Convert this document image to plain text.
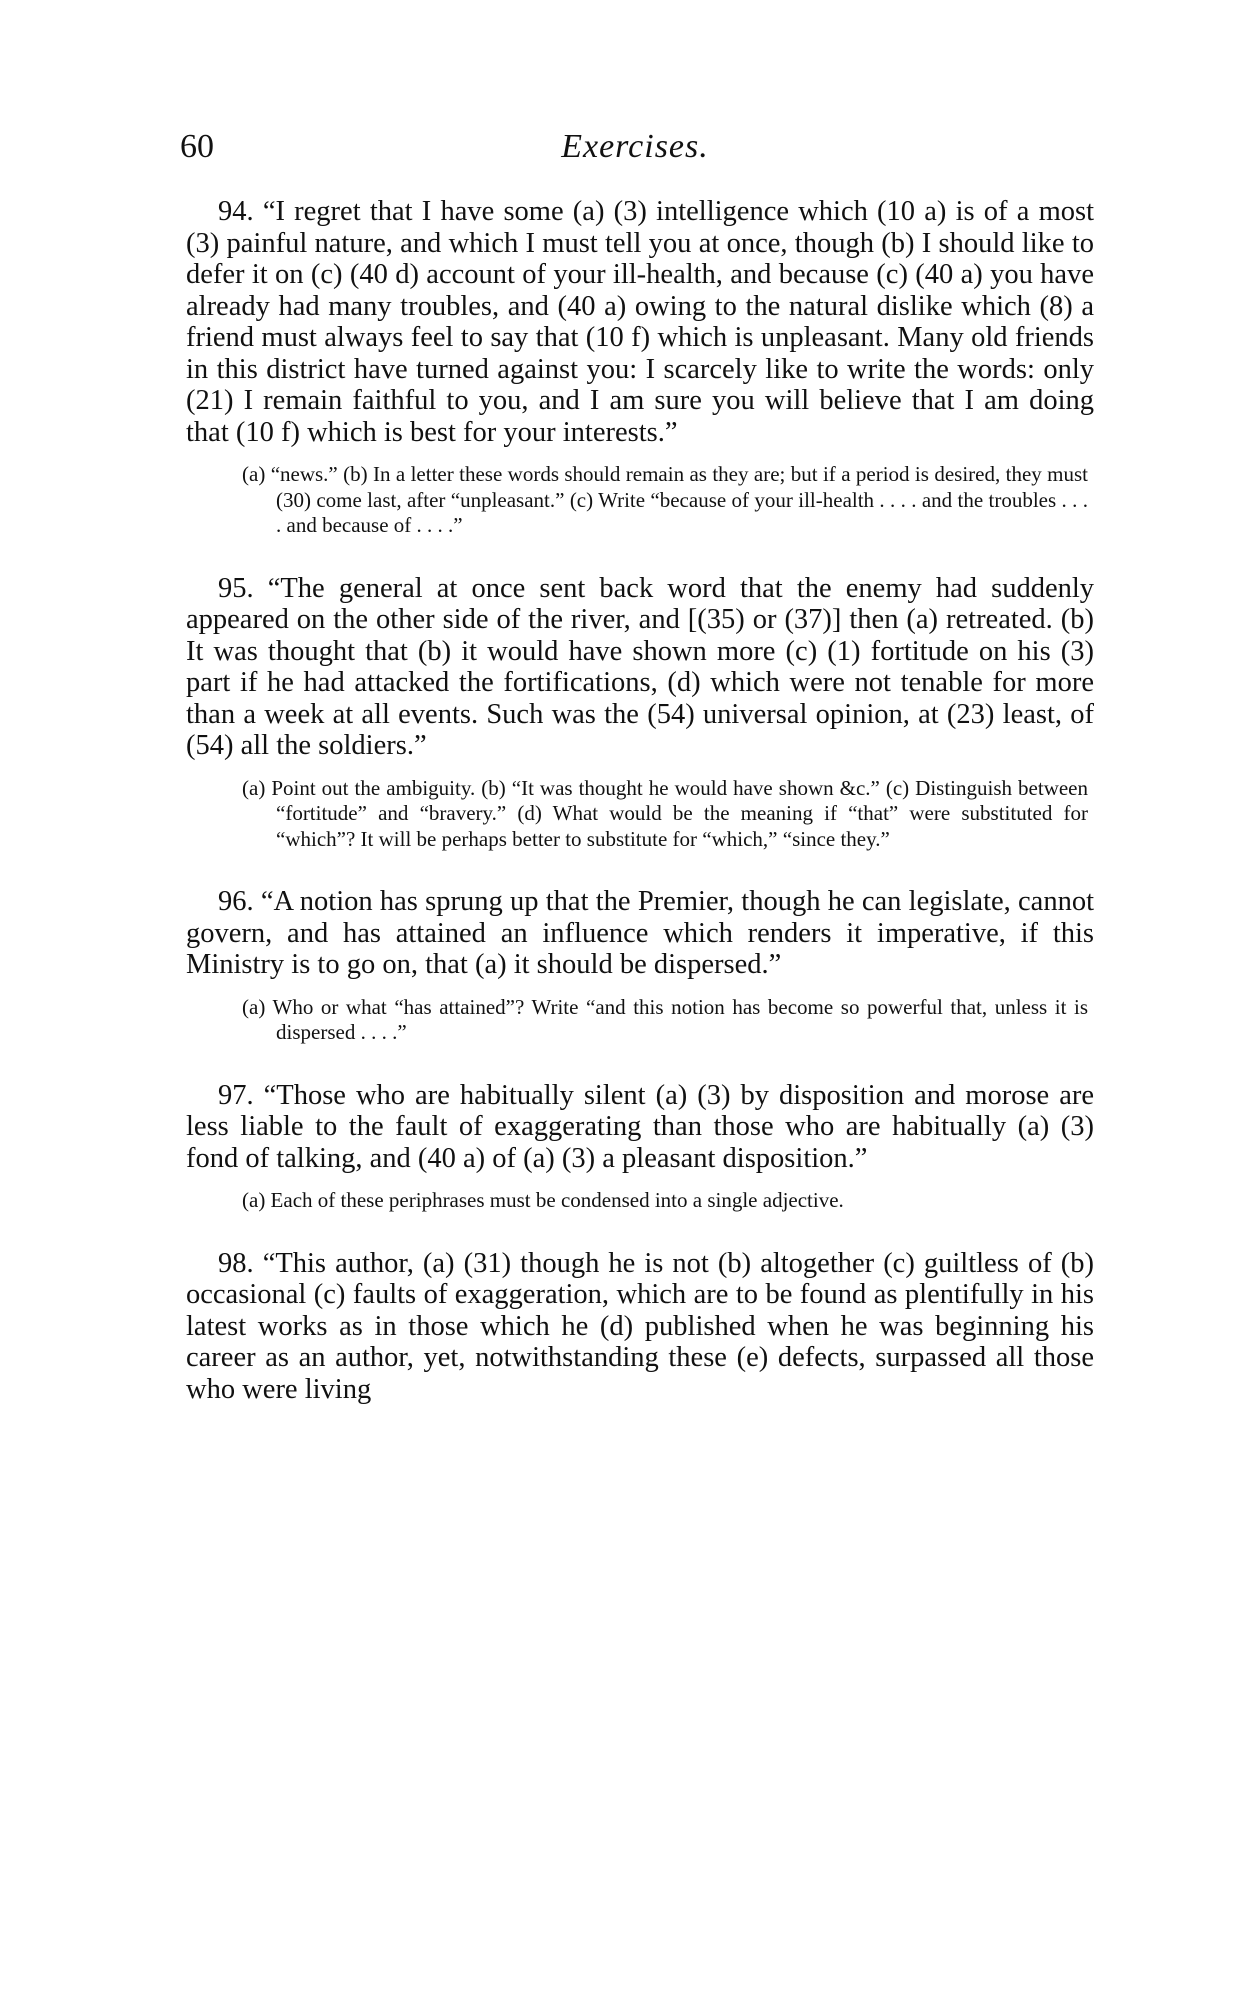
60	Exercises.

94. “I regret that I have some (a) (3) intelligence which (10 a) is of a most (3) painful nature, and which I must tell you at once, though (b) I should like to defer it on (c) (40 d) account of your ill-health, and because (c) (40 a) you have already had many troubles, and (40 a) owing to the natural dislike which (8) a friend must always feel to say that (10 f) which is unpleasant. Many old friends in this district have turned against you: I scarcely like to write the words: only (21) I remain faithful to you, and I am sure you will believe that I am doing that (10 f) which is best for your interests.”

(a) “news.” (b) In a letter these words should remain as they are; but if a period is desired, they must (30) come last, after “unpleasant.” (c) Write “because of your ill-health . . . . and the troubles . . . . and because of . . . .”

95. “The general at once sent back word that the enemy had suddenly appeared on the other side of the river, and [(35) or (37)] then (a) retreated. (b) It was thought that (b) it would have shown more (c) (1) fortitude on his (3) part if he had attacked the fortifications, (d) which were not tenable for more than a week at all events. Such was the (54) universal opinion, at (23) least, of (54) all the soldiers.”

(a) Point out the ambiguity. (b) “It was thought he would have shown &c.” (c) Distinguish between “fortitude” and “bravery.” (d) What would be the meaning if “that” were substituted for “which”? It will be perhaps better to substitute for “which,” “since they.”

96. “A notion has sprung up that the Premier, though he can legislate, cannot govern, and has attained an influence which renders it imperative, if this Ministry is to go on, that (a) it should be dispersed.”

(a) Who or what “has attained”? Write “and this notion has become so powerful that, unless it is dispersed . . . .”

97. “Those who are habitually silent (a) (3) by disposition and morose are less liable to the fault of exaggerating than those who are habitually (a) (3) fond of talking, and (40 a) of (a) (3) a pleasant disposition.”

(a) Each of these periphrases must be condensed into a single adjective.

98. “This author, (a) (31) though he is not (b) altogether (c) guiltless of (b) occasional (c) faults of exaggeration, which are to be found as plentifully in his latest works as in those which he (d) published when he was beginning his career as an author, yet, notwithstanding these (e) defects, surpassed all those who were living
